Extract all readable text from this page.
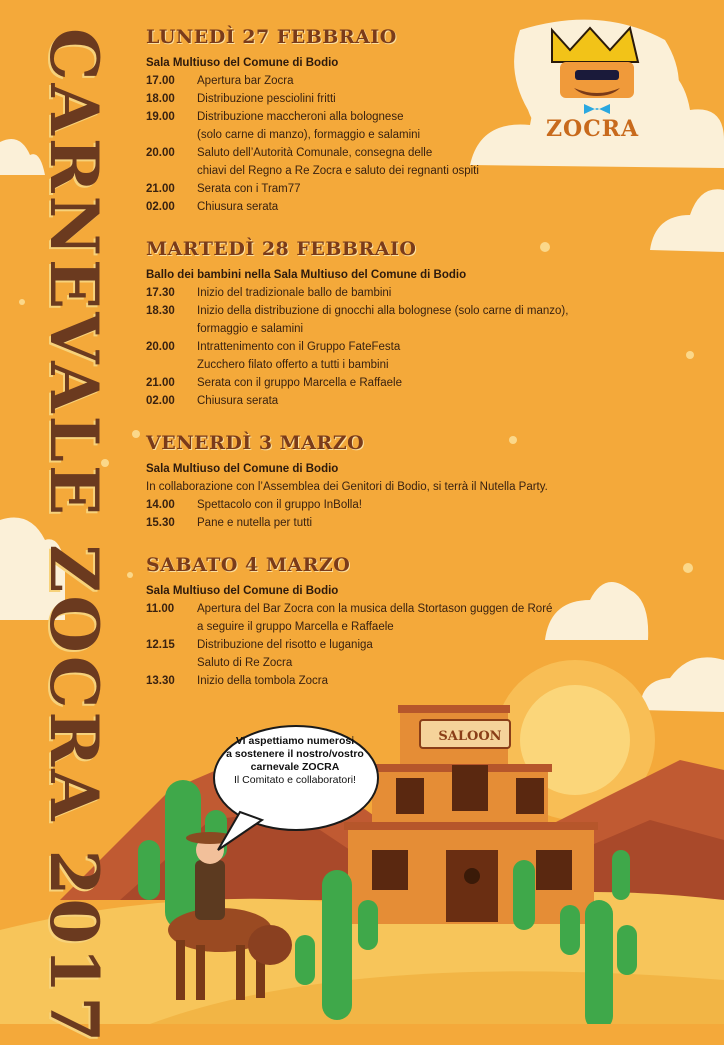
CARNEVALE ZOCRA 2017	ZOCRA
SALOON
Vi aspettiamo numerosi
a sostenere il nostro/vostro
carnevale ZOCRA
Il Comitato e collaboratori!
LUNEDÌ 27 FEBBRAIO
Sala Multiuso del Comune di Bodio
17.00	Apertura bar Zocra
18.00	Distribuzione pesciolini fritti
19.00	Distribuzione maccheroni alla bolognese
(solo carne di manzo), formaggio e salamini
20.00	Saluto dell’Autorità Comunale, consegna delle
chiavi del Regno a Re Zocra e saluto dei regnanti ospiti
21.00	Serata con i Tram77
02.00	Chiusura serata
MARTEDÌ 28 FEBBRAIO
Ballo dei bambini nella Sala Multiuso del Comune di Bodio
17.30	Inizio del tradizionale ballo de bambini
18.30	Inizio della distribuzione di gnocchi alla bolognese (solo carne di manzo),
formaggio e salamini
20.00	Intrattenimento con il Gruppo FateFesta
Zucchero filato offerto a tutti i bambini
21.00	Serata con il gruppo Marcella e Raffaele
02.00	Chiusura serata
VENERDÌ 3 MARZO
Sala Multiuso del Comune di Bodio
In collaborazione con l’Assemblea dei Genitori di Bodio, si terrà il Nutella Party.
14.00	Spettacolo con il gruppo InBolla!
15.30	Pane e nutella per tutti
SABATO 4 MARZO
Sala Multiuso del Comune di Bodio
11.00	Apertura del Bar Zocra con la musica della Stortason guggen de Roré
a seguire il gruppo Marcella e Raffaele
12.15	Distribuzione del risotto e luganiga
Saluto di Re Zocra
13.30	Inizio della tombola Zocra
